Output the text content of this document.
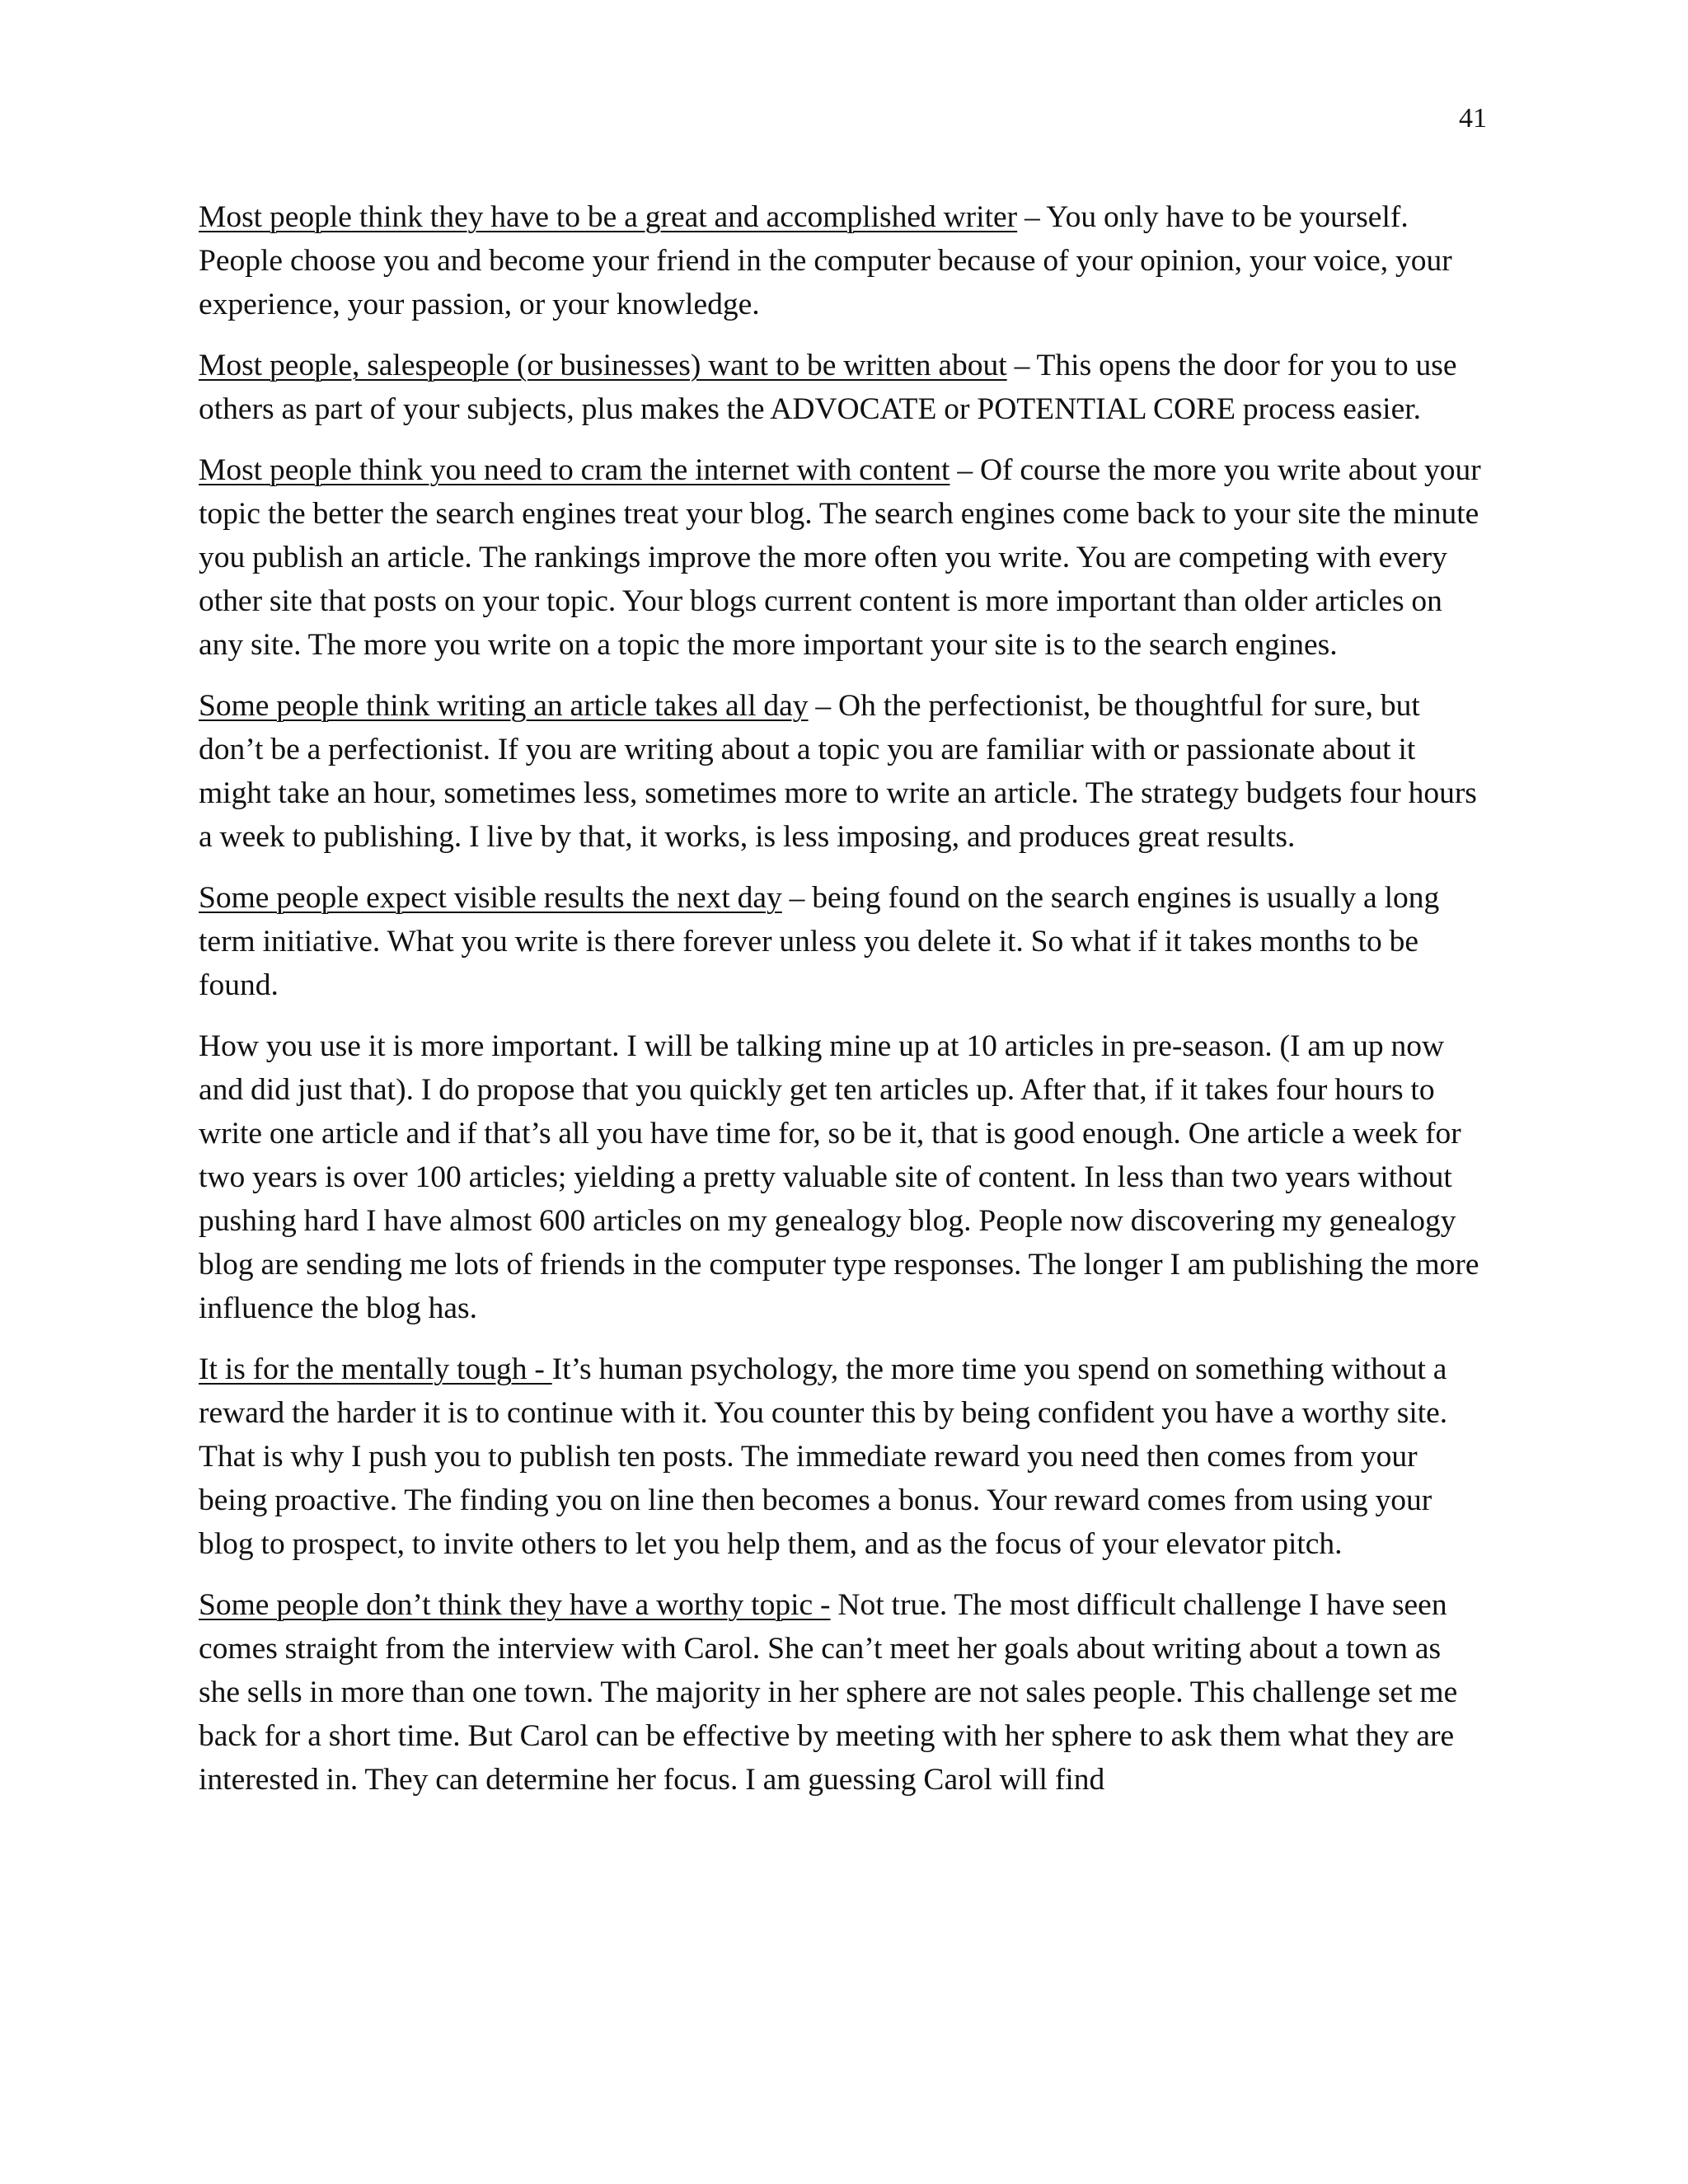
41

Most people think they have to be a great and accomplished writer – You only have to be yourself. People choose you and become your friend in the computer because of your opinion, your voice, your experience, your passion, or your knowledge.

Most people, salespeople (or businesses) want to be written about – This opens the door for you to use others as part of your subjects, plus makes the ADVOCATE or POTENTIAL CORE process easier.

Most people think you need to cram the internet with content – Of course the more you write about your topic the better the search engines treat your blog. The search engines come back to your site the minute you publish an article. The rankings improve the more often you write. You are competing with every other site that posts on your topic. Your blogs current content is more important than older articles on any site. The more you write on a topic the more important your site is to the search engines.

Some people think writing an article takes all day – Oh the perfectionist, be thoughtful for sure, but don’t be a perfectionist. If you are writing about a topic you are familiar with or passionate about it might take an hour, sometimes less, sometimes more to write an article. The strategy budgets four hours a week to publishing. I live by that, it works, is less imposing, and produces great results.

Some people expect visible results the next day – being found on the search engines is usually a long term initiative. What you write is there forever unless you delete it. So what if it takes months to be found.

How you use it is more important. I will be talking mine up at 10 articles in pre-season. (I am up now and did just that). I do propose that you quickly get ten articles up. After that, if it takes four hours to write one article and if that’s all you have time for, so be it, that is good enough. One article a week for two years is over 100 articles; yielding a pretty valuable site of content. In less than two years without pushing hard I have almost 600 articles on my genealogy blog. People now discovering my genealogy blog are sending me lots of friends in the computer type responses. The longer I am publishing the more influence the blog has.

It is for the mentally tough - It’s human psychology, the more time you spend on something without a reward the harder it is to continue with it. You counter this by being confident you have a worthy site. That is why I push you to publish ten posts. The immediate reward you need then comes from your being proactive. The finding you on line then becomes a bonus. Your reward comes from using your blog to prospect, to invite others to let you help them, and as the focus of your elevator pitch.

Some people don’t think they have a worthy topic - Not true. The most difficult challenge I have seen comes straight from the interview with Carol. She can’t meet her goals about writing about a town as she sells in more than one town. The majority in her sphere are not sales people. This challenge set me back for a short time. But Carol can be effective by meeting with her sphere to ask them what they are interested in. They can determine her focus. I am guessing Carol will find
